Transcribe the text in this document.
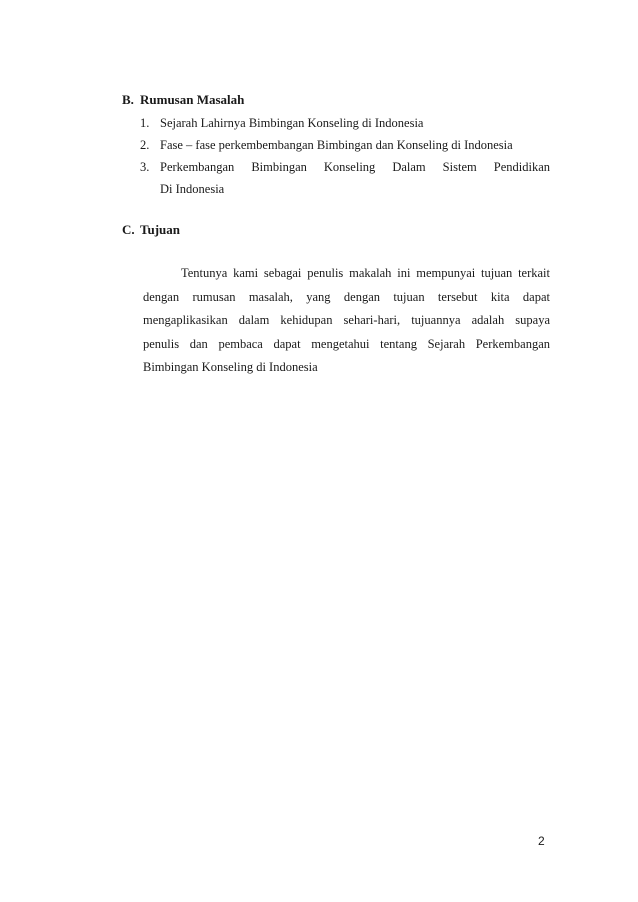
B. Rumusan Masalah
1. Sejarah Lahirnya Bimbingan Konseling di Indonesia
2. Fase – fase perkembembangan Bimbingan dan Konseling di Indonesia
3. Perkembangan Bimbingan Konseling Dalam Sistem Pendidikan
Di Indonesia
C. Tujuan

Tentunya kami sebagai penulis makalah ini mempunyai tujuan terkait
dengan rumusan masalah, yang dengan tujuan tersebut kita dapat
mengaplikasikan dalam kehidupan sehari-hari, tujuannya adalah supaya
penulis dan pembaca dapat mengetahui tentang Sejarah Perkembangan
Bimbingan Konseling di Indonesia

2
